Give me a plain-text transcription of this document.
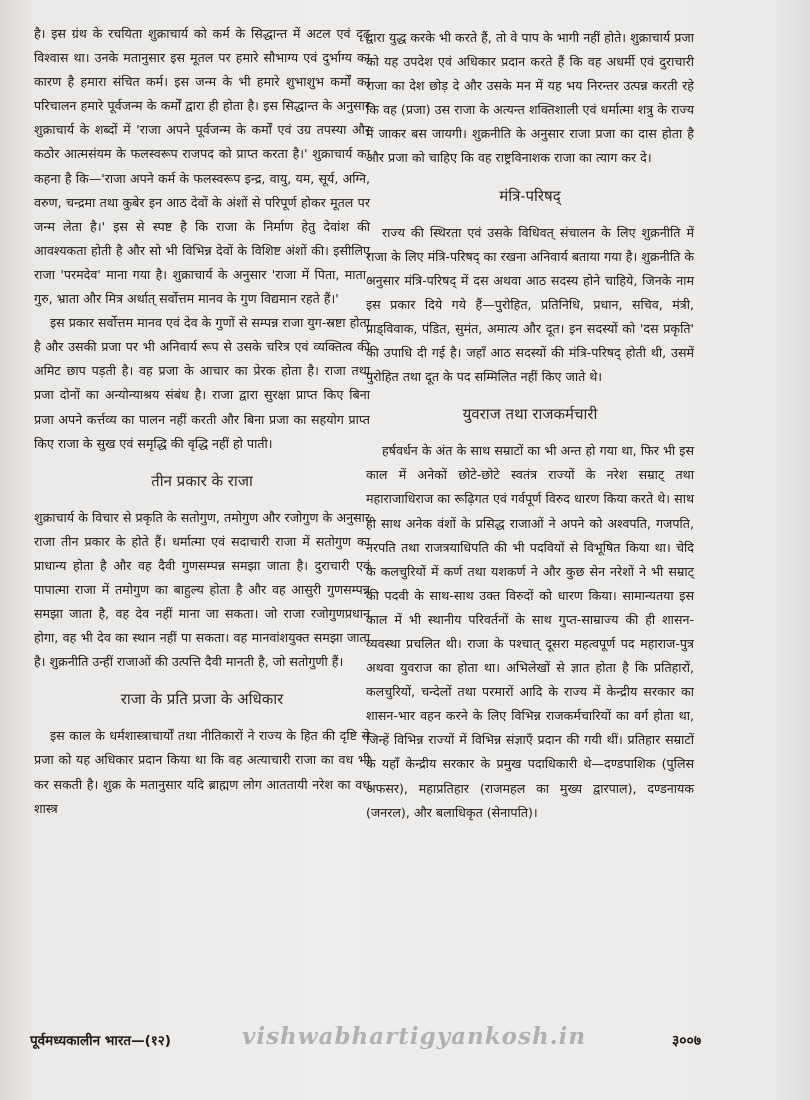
है। इस ग्रंथ के रचयिता शुक्राचार्य को कर्म के सिद्धान्त में अटल एवं दृढ़ विश्वास था। उनके मतानुसार इस मूतल पर हमारे सौभाग्य एवं दुर्भाग्य का कारण है हमारा संचित कर्म। इस जन्म के भी हमारे शुभाशुभ कर्मों का परिचालन हमारे पूर्वजन्म के कर्मों द्वारा ही होता है। इस सिद्धान्त के अनुसार शुक्राचार्य के शब्दों में 'राजा अपने पूर्वजन्म के कर्मों एवं उग्र तपस्या और कठोर आत्मसंयम के फलस्वरूप राजपद को प्राप्त करता है।' शुक्राचार्य का कहना है कि—'राजा अपने कर्म के फलस्वरूप इन्द्र, वायु, यम, सूर्य, अग्नि, वरुण, चन्द्रमा तथा कुबेर इन आठ देवों के अंशों से परिपूर्ण होकर मूतल पर जन्म लेता है।' इस से स्पष्ट है कि राजा के निर्माण हेतु देवांश की आवश्यकता होती है और सो भी विभिन्न देवों के विशिष्ट अंशों की। इसीलिए राजा 'परमदेव' माना गया है। शुक्राचार्य के अनुसार 'राजा में पिता, माता, गुरु, भ्राता और मित्र अर्थात् सर्वोत्तम मानव के गुण विद्यमान रहते हैं।'

इस प्रकार सर्वोत्तम मानव एवं देव के गुणों से सम्पन्न राजा युग-स्रष्टा होता है और उसकी प्रजा पर भी अनिवार्य रूप से उसके चरित्र एवं व्यक्तित्व की अमिट छाप पड़ती है। वह प्रजा के आचार का प्रेरक होता है। राजा तथा प्रजा दोनों का अन्योन्याश्रय संबंध है। राजा द्वारा सुरक्षा प्राप्त किए बिना प्रजा अपने कर्त्तव्य का पालन नहीं करती और बिना प्रजा का सहयोग प्राप्त किए राजा के सुख एवं समृद्धि की वृद्धि नहीं हो पाती।

तीन प्रकार के राजा

शुक्राचार्य के विचार से प्रकृति के सतोगुण, तमोगुण और रजोगुण के अनुसार राजा तीन प्रकार के होते हैं। धर्मात्मा एवं सदाचारी राजा में सतोगुण का प्राधान्य होता है और वह दैवी गुणसम्पन्न समझा जाता है। दुराचारी एवं पापात्मा राजा में तमोगुण का बाहुल्य होता है और वह आसुरी गुणसम्पन्न समझा जाता है, वह देव नहीं माना जा सकता। जो राजा रजोगुणप्रधान होगा, वह भी देव का स्थान नहीं पा सकता। वह मानवांशयुक्त समझा जाता है। शुक्रनीति उन्हीं राजाओं की उत्पत्ति दैवी मानती है, जो सतोगुणी हैं।

राजा के प्रति प्रजा के अधिकार

इस काल के धर्मशास्त्राचार्यों तथा नीतिकारों ने राज्य के हित की दृष्टि से प्रजा को यह अधिकार प्रदान किया था कि वह अत्याचारी राजा का वध भी कर सकती है। शुक्र के मतानुसार यदि ब्राह्मण लोग आततायी नरेश का वध शास्त्र

द्वारा युद्ध करके भी करते हैं, तो वे पाप के भागी नहीं होते। शुक्राचार्य प्रजा को यह उपदेश एवं अधिकार प्रदान करते हैं कि वह अधर्मी एवं दुराचारी राजा का देश छोड़ दे और उसके मन में यह भय निरन्तर उत्पन्न करती रहे कि वह (प्रजा) उस राजा के अत्यन्त शक्तिशाली एवं धर्मात्मा शत्रु के राज्य में जाकर बस जायगी। शुक्रनीति के अनुसार राजा प्रजा का दास होता है और प्रजा को चाहिए कि वह राष्ट्रविनाशक राजा का त्याग कर दे।

मंत्रि-परिषद्

राज्य की स्थिरता एवं उसके विधिवत् संचालन के लिए शुक्रनीति में राजा के लिए मंत्रि-परिषद् का रखना अनिवार्य बताया गया है। शुक्रनीति के अनुसार मंत्रि-परिषद् में दस अथवा आठ सदस्य होने चाहिये, जिनके नाम इस प्रकार दिये गये हैं—पुरोहित, प्रतिनिधि, प्रधान, सचिव, मंत्री, प्राड्विवाक, पंडित, सुमंत, अमात्य और दूत। इन सदस्यों को 'दस प्रकृति' की उपाधि दी गई है। जहाँ आठ सदस्यों की मंत्रि-परिषद् होती थी, उसमें पुरोहित तथा दूत के पद सम्मिलित नहीं किए जाते थे।

युवराज तथा राजकर्मचारी

हर्षवर्धन के अंत के साथ सम्राटों का भी अन्त हो गया था, फिर भी इस काल में अनेकों छोटे-छोटे स्वतंत्र राज्यों के नरेश सम्राट् तथा महाराजाधिराज का रूढ़िगत एवं गर्वपूर्ण विरुद धारण किया करते थे। साथ ही साथ अनेक वंशों के प्रसिद्ध राजाओं ने अपने को अश्वपति, गजपति, नरपति तथा राजत्रयाधिपति की भी पदवियों से विभूषित किया था। चेदि के कलचुरियों में कर्ण तथा यशकर्ण ने और कुछ सेन नरेशों ने भी सम्राट् की पदवी के साथ-साथ उक्त विरुदों को धारण किया। सामान्यतया इस काल में भी स्थानीय परिवर्तनों के साथ गुप्त-साम्राज्य की ही शासन-व्यवस्था प्रचलित थी। राजा के पश्चात् दूसरा महत्वपूर्ण पद महाराज-पुत्र अथवा युवराज का होता था। अभिलेखों से ज्ञात होता है कि प्रतिहारों, कलचुरियों, चन्देलों तथा परमारों आदि के राज्य में केन्द्रीय सरकार का शासन-भार वहन करने के लिए विभिन्न राजकर्मचारियों का वर्ग होता था, जिन्हें विभिन्न राज्यों में विभिन्न संज्ञाएँ प्रदान की गयी थीं। प्रतिहार सम्राटों के यहाँ केन्द्रीय सरकार के प्रमुख पदाधिकारी थे—दण्डपाशिक (पुलिस अफसर), महाप्रतिहार (राजमहल का मुख्य द्वारपाल), दण्डनायक (जनरल), और बलाधिकृत (सेनापति)।

पूर्वमध्यकालीन भारत—(१२)	vishwabhartigyankosh.in	३००७
